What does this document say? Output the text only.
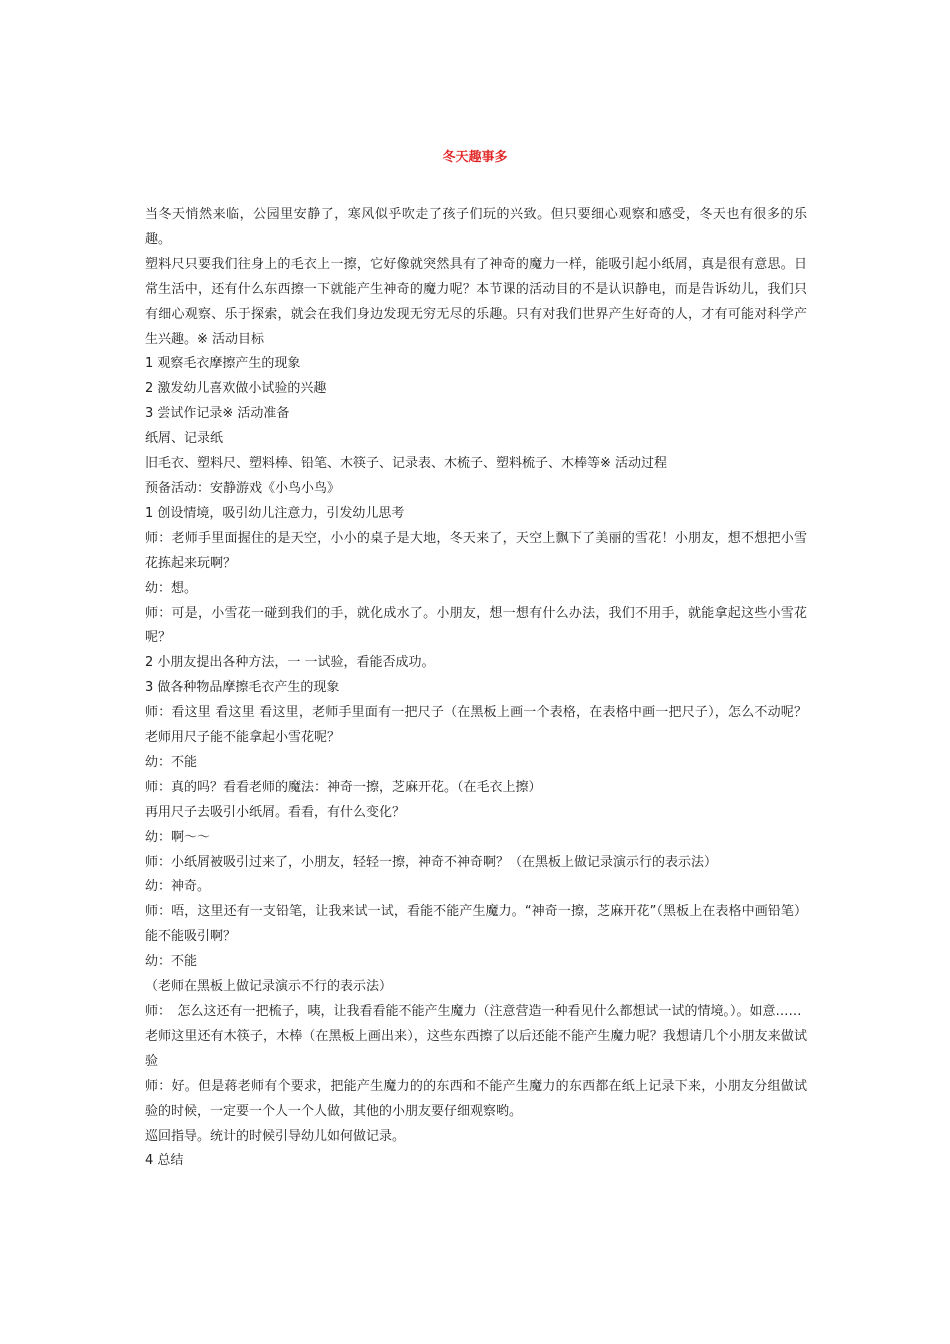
冬天趣事多

当冬天悄然来临，公园里安静了，寒风似乎吹走了孩子们玩的兴致。但只要细心观察和感受，冬天也有很多的乐趣。

塑料尺只要我们往身上的毛衣上一擦，它好像就突然具有了神奇的魔力一样，能吸引起小纸屑，真是很有意思。日常生活中，还有什么东西擦一下就能产生神奇的魔力呢？本节课的活动目的不是认识静电，而是告诉幼儿，我们只有细心观察、乐于探索，就会在我们身边发现无穷无尽的乐趣。只有对我们世界产生好奇的人，才有可能对科学产生兴趣。※ 活动目标

1 观察毛衣摩擦产生的现象

2 激发幼儿喜欢做小试验的兴趣

3 尝试作记录※ 活动准备

纸屑、记录纸

旧毛衣、塑料尺、塑料棒、铅笔、木筷子、记录表、木梳子、塑料梳子、木棒等※ 活动过程

预备活动：安静游戏《小鸟小鸟》

1 创设情境，吸引幼儿注意力，引发幼儿思考

师：老师手里面握住的是天空，小小的桌子是大地，冬天来了，天空上飘下了美丽的雪花！小朋友，想不想把小雪花拣起来玩啊？

幼：想。

师：可是，小雪花一碰到我们的手，就化成水了。小朋友，想一想有什么办法，我们不用手，就能拿起这些小雪花呢？

2 小朋友提出各种方法，一 一试验，看能否成功。

3 做各种物品摩擦毛衣产生的现象

师：看这里 看这里 看这里，老师手里面有一把尺子（在黑板上画一个表格，在表格中画一把尺子），怎么不动呢？老师用尺子能不能拿起小雪花呢？

幼：不能

师：真的吗？看看老师的魔法：神奇一擦，芝麻开花。（在毛衣上擦）

再用尺子去吸引小纸屑。看看，有什么变化？

幼：啊～～

师：小纸屑被吸引过来了，小朋友，轻轻一擦，神奇不神奇啊？（在黑板上做记录演示行的表示法）

幼：神奇。

师：唔，这里还有一支铅笔，让我来试一试，看能不能产生魔力。“神奇一擦，芝麻开花”（黑板上在表格中画铅笔）能不能吸引啊？

幼：不能

（老师在黑板上做记录演示不行的表示法）

师：　怎么这还有一把梳子，咦，让我看看能不能产生魔力（注意营造一种看见什么都想试一试的情境。）。如意……

老师这里还有木筷子，木棒（在黑板上画出来），这些东西擦了以后还能不能产生魔力呢？我想请几个小朋友来做试验

师：好。但是蒋老师有个要求，把能产生魔力的的东西和不能产生魔力的东西都在纸上记录下来，小朋友分组做试验的时候，一定要一个人一个人做，其他的小朋友要仔细观察哟。

巡回指导。统计的时候引导幼儿如何做记录。

4 总结
